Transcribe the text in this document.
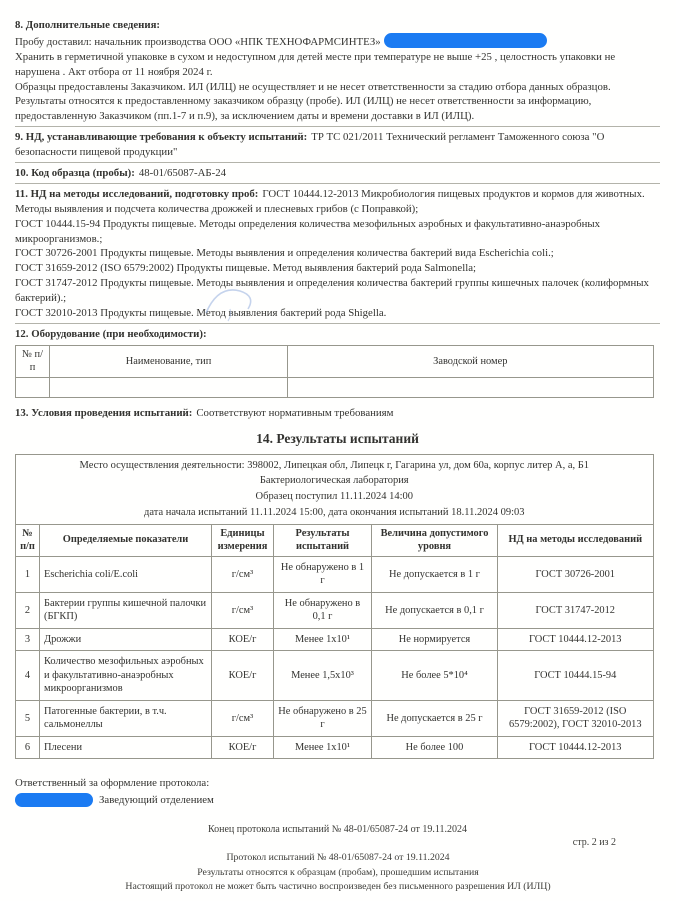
8. Дополнительные сведения:

Пробу доставил: начальник производства ООО «НПК ТЕХНОФАРМСИНТЕЗ»

Хранить в герметичной упаковке в сухом и недоступном для детей месте при температуре не выше +25 , целостность упаковки не нарушена . Акт отбора от 11 ноября 2024 г.

Образцы предоставлены Заказчиком. ИЛ (ИЛЦ) не осуществляет и не несет ответственности за стадию отбора данных образцов. Результаты относятся к предоставленному заказчиком образцу (пробе). ИЛ (ИЛЦ) не несет ответственности за информацию, предоставленную Заказчиком (пп.1-7 и п.9), за исключением даты и времени доставки в ИЛ (ИЛЦ).

9. НД, устанавливающие требования к объекту испытаний: ТР ТС 021/2011 Технический регламент Таможенного союза "О безопасности пищевой продукции"

10. Код образца (пробы): 48-01/65087-АБ-24

11. НД на методы исследований, подготовку проб: ГОСТ 10444.12-2013 Микробиология пищевых продуктов и кормов для животных. Методы выявления и подсчета количества дрожжей и плесневых грибов (с Поправкой);

ГОСТ 10444.15-94 Продукты пищевые. Методы определения количества мезофильных аэробных и факультативно-анаэробных микроорганизмов.;
ГОСТ 30726-2001 Продукты пищевые. Методы выявления и определения количества бактерий вида Escherichia coli.;
ГОСТ 31659-2012 (ISO 6579:2002) Продукты пищевые. Метод выявления бактерий рода Salmonella;
ГОСТ 31747-2012 Продукты пищевые. Методы выявления и определения количества бактерий группы кишечных палочек (колиформных бактерий).;
ГОСТ 32010-2013 Продукты пищевые. Метод выявления бактерий рода Shigella.

12. Оборудование (при необходимости):

№ п/п	Наименование, тип	Заводской номер

13. Условия проведения испытаний: Соответствуют нормативным требованиям

14. Результаты испытаний
Место осуществления деятельности: 398002, Липецкая обл, Липецк г, Гагарина ул, дом 60а, корпус литер А, а, Б1
Бактериологическая лаборатория
Образец поступил 11.11.2024 14:00
дата начала испытаний 11.11.2024 15:00, дата окончания испытаний 18.11.2024 09:03
№ п/п	Определяемые показатели	Единицы измерения	Результаты испытаний	Величина допустимого уровня	НД на методы исследований
1	Escherichia coli/E.coli	г/см³	Не обнаружено в 1 г	Не допускается в 1 г	ГОСТ 30726-2001
2	Бактерии группы кишечной палочки (БГКП)	г/см³	Не обнаружено в 0,1 г	Не допускается в 0,1 г	ГОСТ 31747-2012
3	Дрожжи	КОЕ/г	Менее 1x10¹	Не нормируется	ГОСТ 10444.12-2013
4	Количество мезофильных аэробных и факультативно-анаэробных микроорганизмов	КОЕ/г	Менее 1,5x10³	Не более 5*10⁴	ГОСТ 10444.15-94
5	Патогенные бактерии, в т.ч. сальмонеллы	г/см³	Не обнаружено в 25 г	Не допускается в 25 г	ГОСТ 31659-2012 (ISO 6579:2002), ГОСТ 32010-2013
6	Плесени	КОЕ/г	Менее 1x10¹	Не более 100	ГОСТ 10444.12-2013

Ответственный за оформление протокола:

Заведующий отделением

Конец протокола испытаний № 48-01/65087-24 от 19.11.2024
стр. 2 из 2
Протокол испытаний № 48-01/65087-24 от 19.11.2024
Результаты относятся к образцам (пробам), прошедшим испытания
Настоящий протокол не может быть частично воспроизведен без письменного разрешения ИЛ (ИЛЦ)
